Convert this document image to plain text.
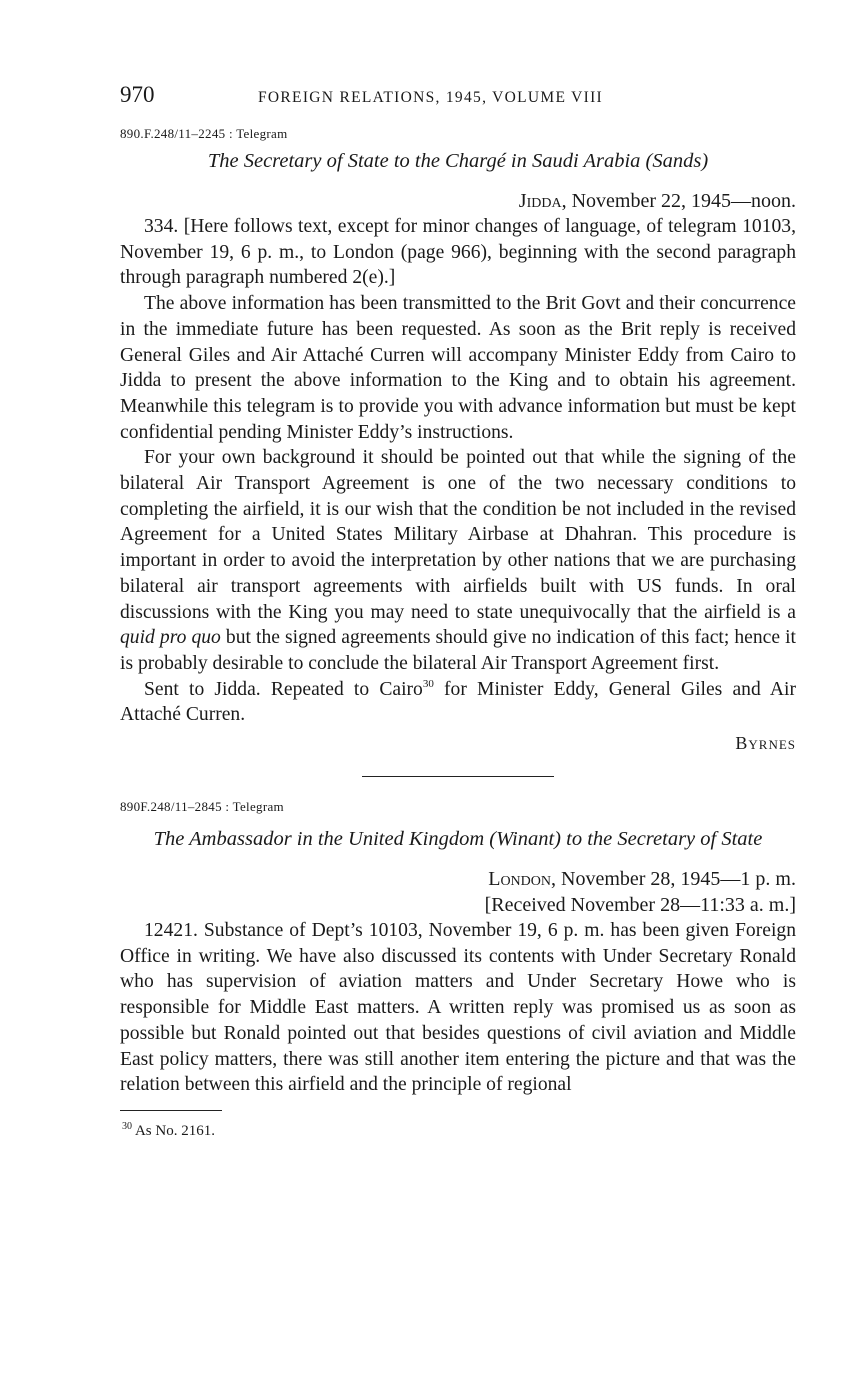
970	FOREIGN RELATIONS, 1945, VOLUME VIII
890.F.248/11–2245 : Telegram
The Secretary of State to the Chargé in Saudi Arabia (Sands)
Jidda, November 22, 1945—noon.

334. [Here follows text, except for minor changes of language, of telegram 10103, November 19, 6 p. m., to London (page 966), beginning with the second paragraph through paragraph numbered 2(e).]

The above information has been transmitted to the Brit Govt and their concurrence in the immediate future has been requested. As soon as the Brit reply is received General Giles and Air Attaché Curren will accompany Minister Eddy from Cairo to Jidda to present the above information to the King and to obtain his agreement. Meanwhile this telegram is to provide you with advance information but must be kept confidential pending Minister Eddy’s instructions.

For your own background it should be pointed out that while the signing of the bilateral Air Transport Agreement is one of the two necessary conditions to completing the airfield, it is our wish that the condition be not included in the revised Agreement for a United States Military Airbase at Dhahran. This procedure is important in order to avoid the interpretation by other nations that we are purchasing bilateral air transport agreements with airfields built with US funds. In oral discussions with the King you may need to state unequivocally that the airfield is a quid pro quo but the signed agreements should give no indication of this fact; hence it is probably desirable to conclude the bilateral Air Transport Agreement first.

Sent to Jidda. Repeated to Cairo$^{30}$ for Minister Eddy, General Giles and Air Attaché Curren.

Byrnes
890F.248/11–2845 : Telegram
The Ambassador in the United Kingdom (Winant) to the Secretary of State
London, November 28, 1945—1 p. m.
[Received November 28—11:33 a. m.]

12421. Substance of Dept’s 10103, November 19, 6 p. m. has been given Foreign Office in writing. We have also discussed its contents with Under Secretary Ronald who has supervision of aviation matters and Under Secretary Howe who is responsible for Middle East matters. A written reply was promised us as soon as possible but Ronald pointed out that besides questions of civil aviation and Middle East policy matters, there was still another item entering the picture and that was the relation between this airfield and the principle of regional

$^{30}$ As No. 2161.
